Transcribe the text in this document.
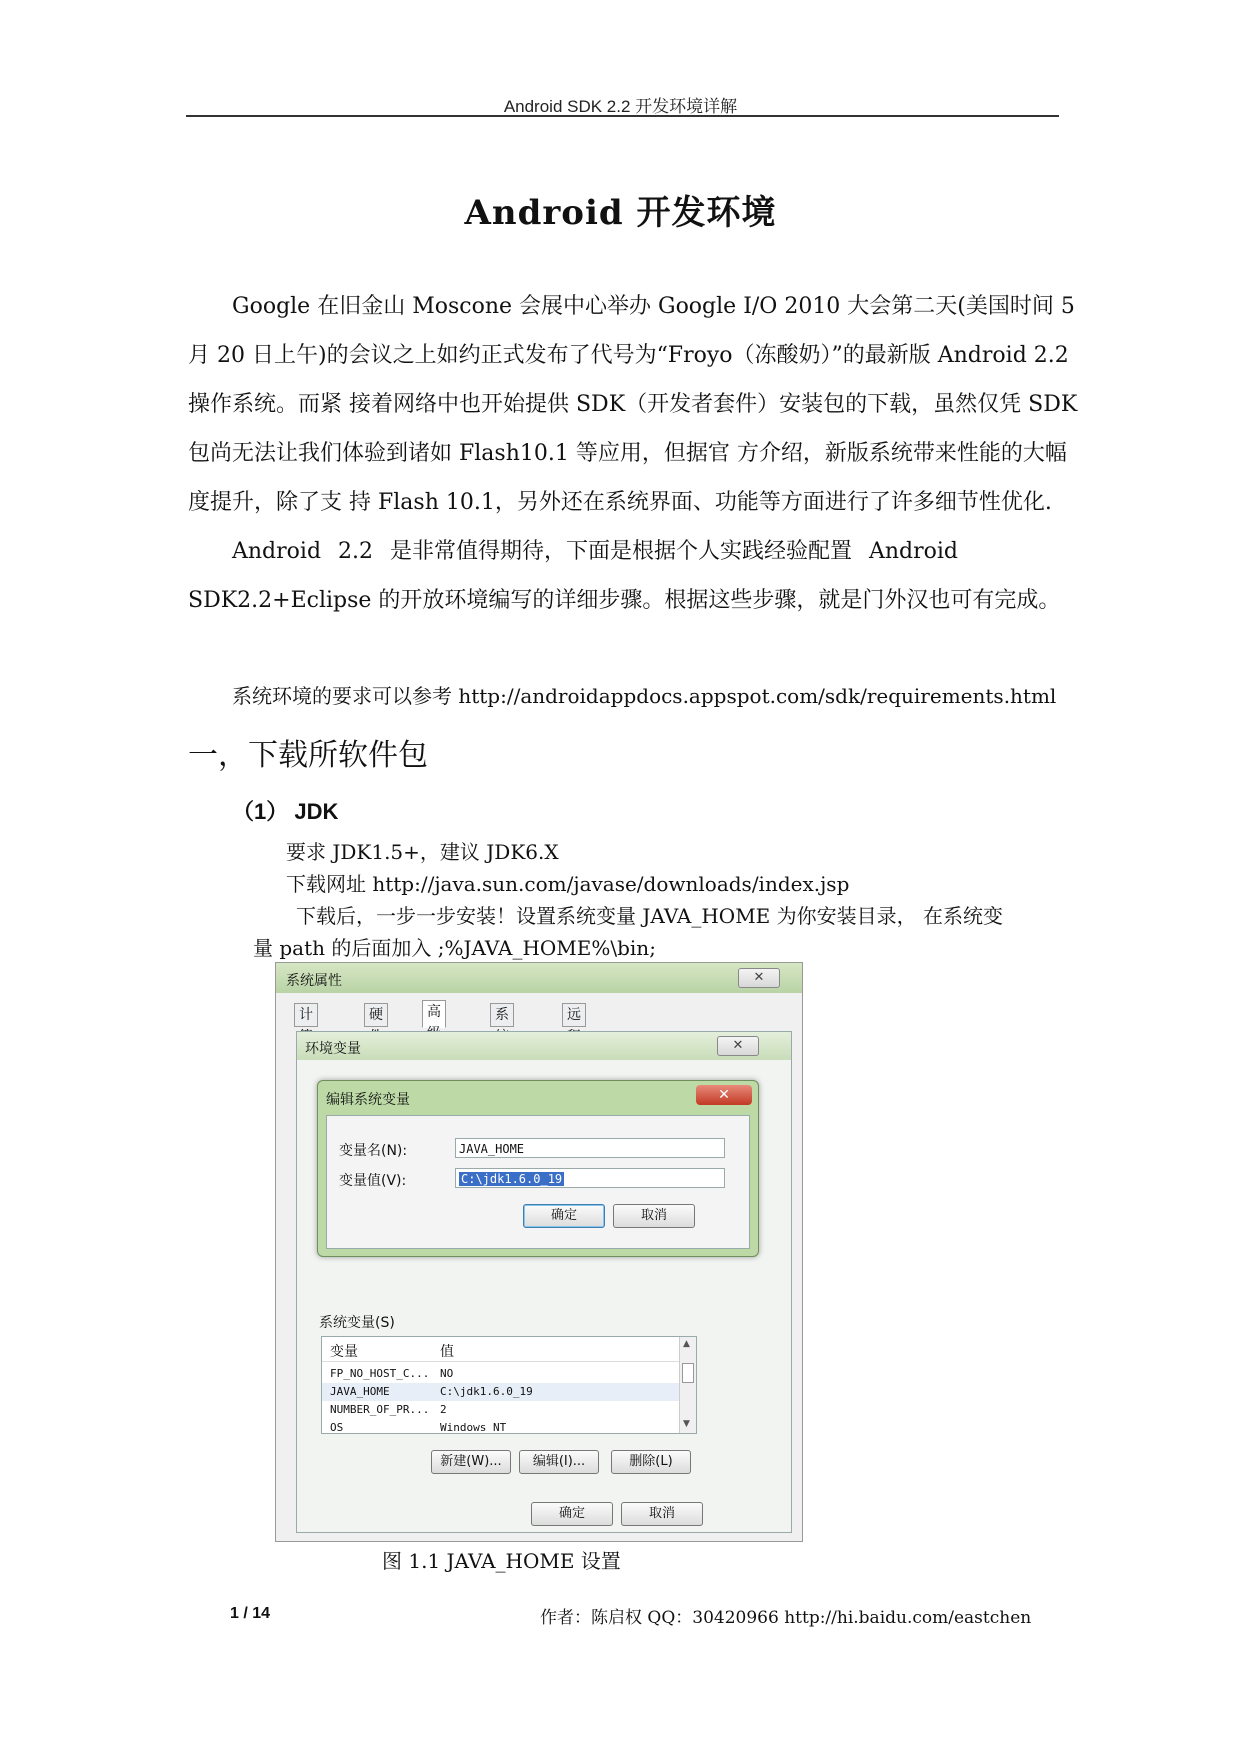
Android SDK 2.2 开发环境详解
Android 开发环境
Google 在旧金山 Moscone 会展中心举办 Google I/O 2010 大会第二天(美国时间 5
月 20 日上午)的会议之上如约正式发布了代号为“Froyo（冻酸奶）”的最新版 Android 2.2
操作系统。而紧 接着网络中也开始提供 SDK（开发者套件）安装包的下载，虽然仅凭 SDK
包尚无法让我们体验到诸如 Flash10.1 等应用，但据官 方介绍，新版系统带来性能的大幅
度提升，除了支 持 Flash 10.1，另外还在系统界面、功能等方面进行了许多细节性优化.
Android 2.2 是非常值得期待，下面是根据个人实践经验配置 Android
SDK2.2+Eclipse 的开放环境编写的详细步骤。根据这些步骤，就是门外汉也可有完成。
系统环境的要求可以参考 http://androidappdocs.appspot.com/sdk/requirements.html
一，下载所软件包
（1） JDK
要求 JDK1.5+，建议 JDK6.X
下载网址 http://java.sun.com/javase/downloads/index.jsp
下载后，一步一步安装！设置系统变量 JAVA_HOME 为你安装目录， 在系统变
量 path 的后面加入 ;%JAVA_HOME%\bin;
系统属性	✕
计	硬	高	系	远
环境变量	✕
系统变量(S)
变量	值
FP_NO_HOST_C... NO
JAVA_HOME	C:\jdk1.6.0_19
NUMBER_OF_PR... 2
OS	Windows_NT
▲
▼
新建(W)...	编辑(I)...	删除(L)
确定	取消
编辑系统变量	✕
变量名(N):	JAVA_HOME
变量值(V):	C:\jdk1.6.0_19
确定	取消
图 1.1 JAVA_HOME 设置
1 / 14	作者：陈启权 QQ：30420966 http://hi.baidu.com/eastchen
